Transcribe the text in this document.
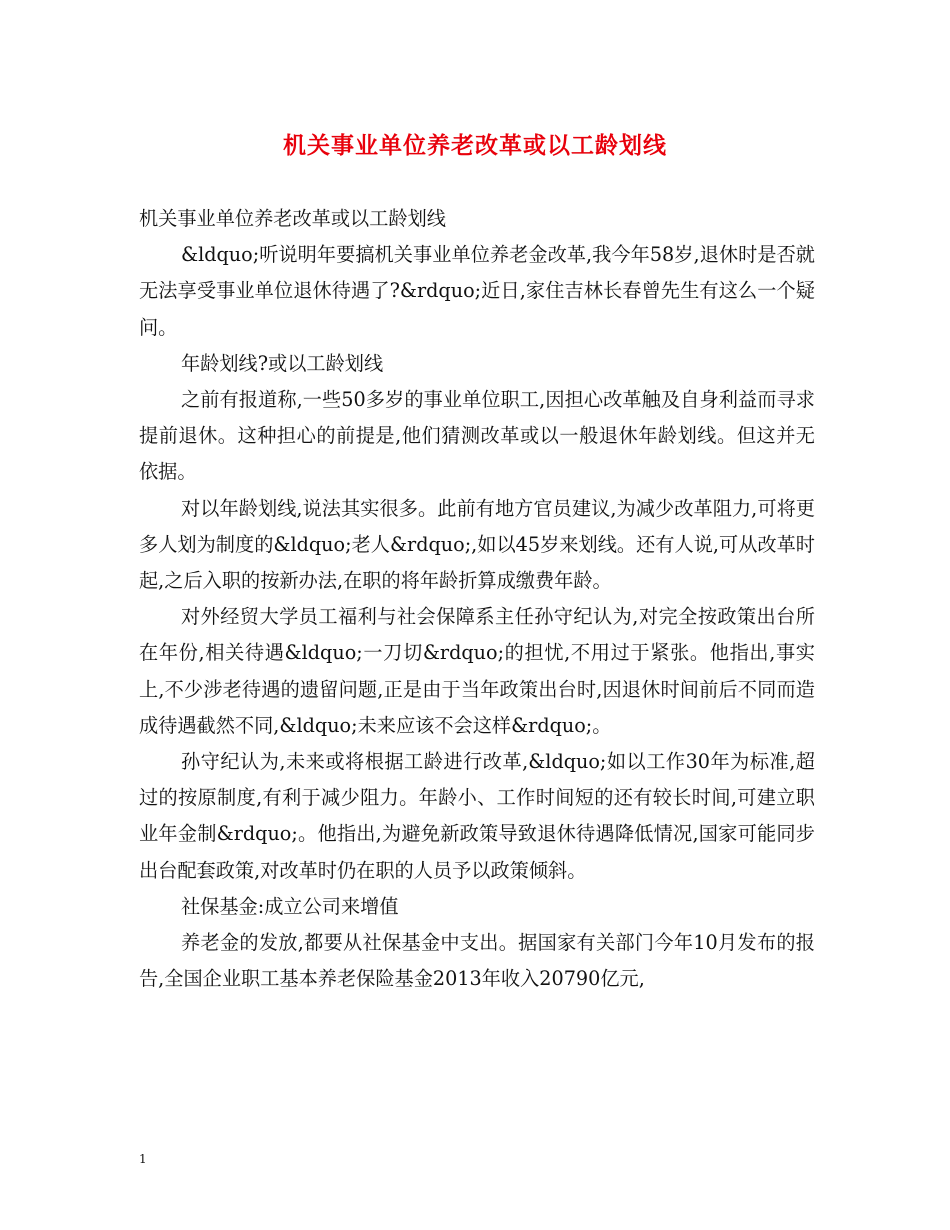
机关事业单位养老改革或以工龄划线

机关事业单位养老改革或以工龄划线

&ldquo;听说明年要搞机关事业单位养老金改革,我今年58岁,退休时是否就无法享受事业单位退休待遇了?&rdquo;近日,家住吉林长春曾先生有这么一个疑问。

年龄划线?或以工龄划线

之前有报道称,一些50多岁的事业单位职工,因担心改革触及自身利益而寻求提前退休。这种担心的前提是,他们猜测改革或以一般退休年龄划线。但这并无依据。

对以年龄划线,说法其实很多。此前有地方官员建议,为减少改革阻力,可将更多人划为制度的&ldquo;老人&rdquo;,如以45岁来划线。还有人说,可从改革时起,之后入职的按新办法,在职的将年龄折算成缴费年龄。

对外经贸大学员工福利与社会保障系主任孙守纪认为,对完全按政策出台所在年份,相关待遇&ldquo;一刀切&rdquo;的担忧,不用过于紧张。他指出,事实上,不少涉老待遇的遗留问题,正是由于当年政策出台时,因退休时间前后不同而造成待遇截然不同,&ldquo;未来应该不会这样&rdquo;。

孙守纪认为,未来或将根据工龄进行改革,&ldquo;如以工作30年为标准,超过的按原制度,有利于减少阻力。年龄小、工作时间短的还有较长时间,可建立职业年金制&rdquo;。他指出,为避免新政策导致退休待遇降低情况,国家可能同步出台配套政策,对改革时仍在职的人员予以政策倾斜。

社保基金:成立公司来增值

养老金的发放,都要从社保基金中支出。据国家有关部门今年10月发布的报告,全国企业职工基本养老保险基金2013年收入20790亿元,

1
